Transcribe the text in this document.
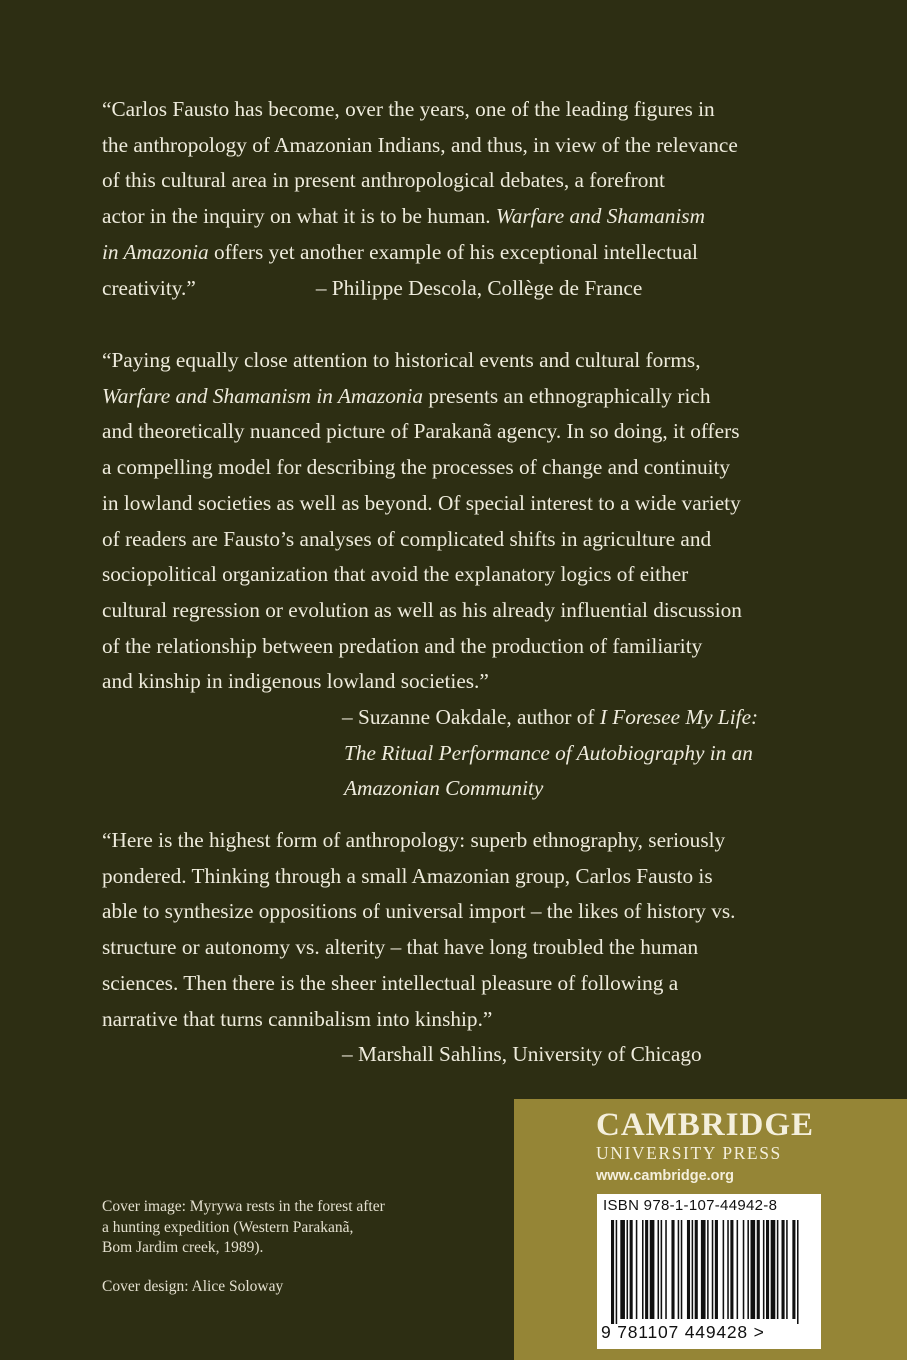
“Carlos Fausto has become, over the years, one of the leading figures in
the anthropology of Amazonian Indians, and thus, in view of the relevance
of this cultural area in present anthropological debates, a forefront
actor in the inquiry on what it is to be human. Warfare and Shamanism
in Amazonia offers yet another example of his exceptional intellectual
creativity.”	– Philippe Descola, Collège de France
“Paying equally close attention to historical events and cultural forms,
Warfare and Shamanism in Amazonia presents an ethnographically rich
and theoretically nuanced picture of Parakanã agency. In so doing, it offers
a compelling model for describing the processes of change and continuity
in lowland societies as well as beyond. Of special interest to a wide variety
of readers are Fausto’s analyses of complicated shifts in agriculture and
sociopolitical organization that avoid the explanatory logics of either
cultural regression or evolution as well as his already influential discussion
of the relationship between predation and the production of familiarity
and kinship in indigenous lowland societies.”
– Suzanne Oakdale, author of I Foresee My Life:
The Ritual Performance of Autobiography in an
Amazonian Community
“Here is the highest form of anthropology: superb ethnography, seriously
pondered. Thinking through a small Amazonian group, Carlos Fausto is
able to synthesize oppositions of universal import – the likes of history vs.
structure or autonomy vs. alterity – that have long troubled the human
sciences. Then there is the sheer intellectual pleasure of following a
narrative that turns cannibalism into kinship.”
– Marshall Sahlins, University of Chicago
Cover image: Myrywa rests in the forest after
a hunting expedition (Western Parakanã,
Bom Jardim creek, 1989).
Cover design: Alice Soloway
CAMBRIDGE
UNIVERSITY PRESS
www.cambridge.org
ISBN 978-1-107-44942-8
9 781107 449428 >
